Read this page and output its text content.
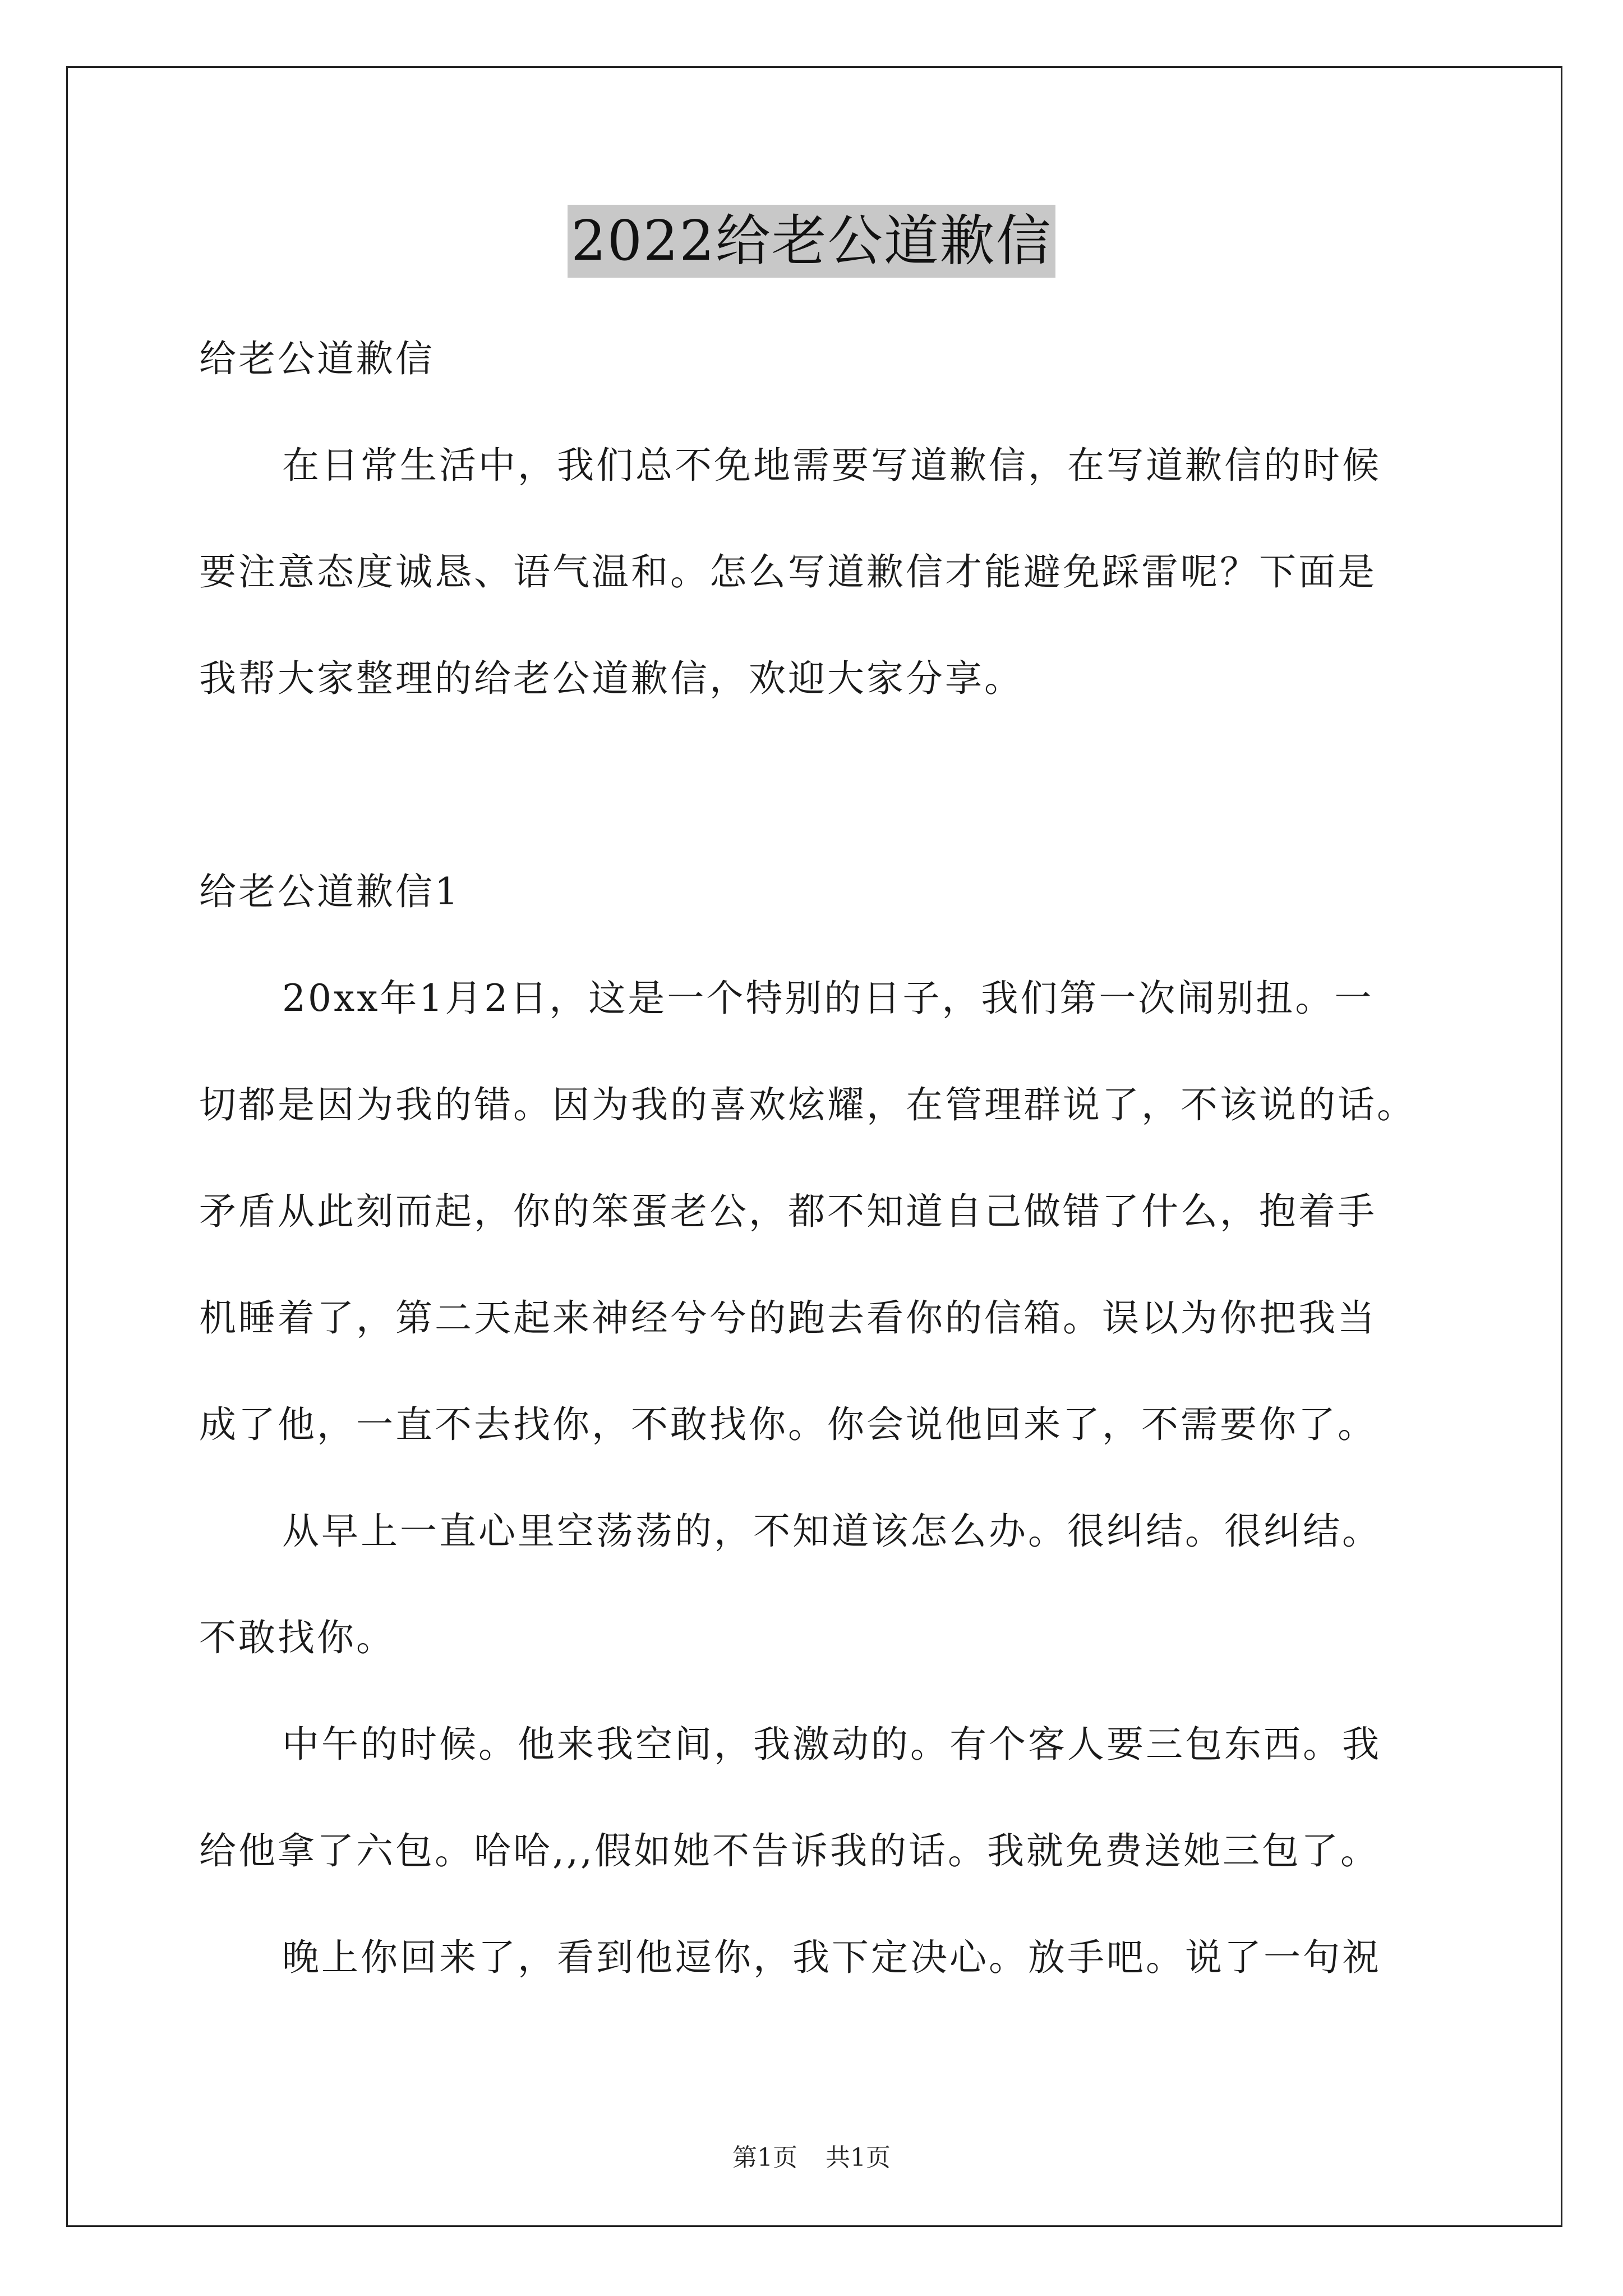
2022给老公道歉信
给老公道歉信
在日常生活中，我们总不免地需要写道歉信，在写道歉信的时候
要注意态度诚恳、语气温和。怎么写道歉信才能避免踩雷呢？下面是
我帮大家整理的给老公道歉信，欢迎大家分享。
给老公道歉信1
20xx年1月2日，这是一个特别的日子，我们第一次闹别扭。一
切都是因为我的错。因为我的喜欢炫耀，在管理群说了，不该说的话。
矛盾从此刻而起，你的笨蛋老公，都不知道自己做错了什么，抱着手
机睡着了，第二天起来神经兮兮的跑去看你的信箱。误以为你把我当
成了他，一直不去找你，不敢找你。你会说他回来了，不需要你了。
从早上一直心里空荡荡的，不知道该怎么办。很纠结。很纠结。
不敢找你。
中午的时候。他来我空间，我激动的。有个客人要三包东西。我
给他拿了六包。哈哈,,,假如她不告诉我的话。我就免费送她三包了。
晚上你回来了，看到他逗你，我下定决心。放手吧。说了一句祝
第1页 共1页
